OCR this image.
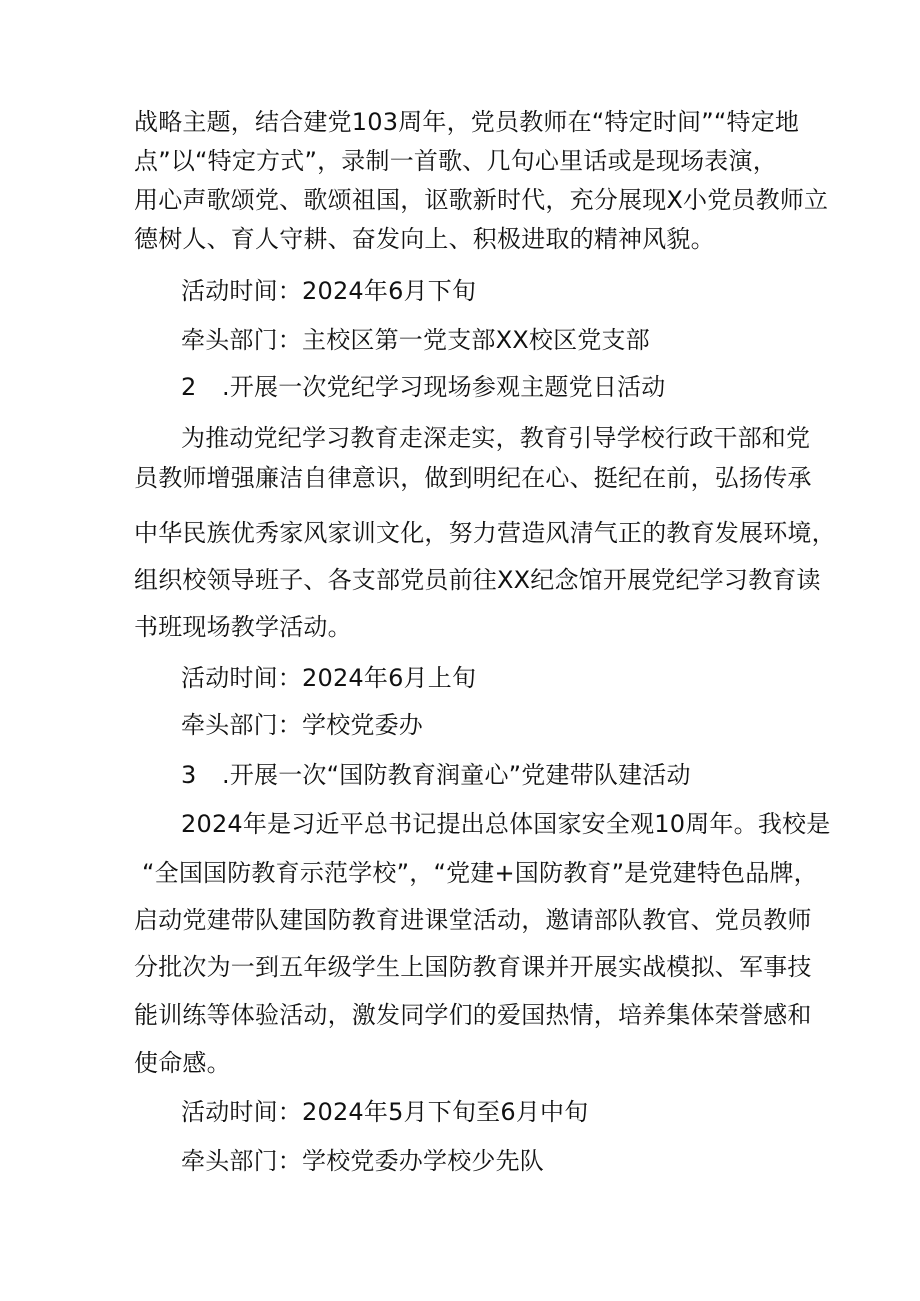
战略主题，结合建党103周年，党员教师在“特定时间”“特定地
点”以“特定方式”，录制一首歌、几句心里话或是现场表演，
用心声歌颂党、歌颂祖国，讴歌新时代，充分展现X小党员教师立
德树人、育人守耕、奋发向上、积极进取的精神风貌。
活动时间：2024年6月下旬
牵头部门：主校区第一党支部XX校区党支部
2 .开展一次党纪学习现场参观主题党日活动
为推动党纪学习教育走深走实，教育引导学校行政干部和党
员教师增强廉洁自律意识，做到明纪在心、挺纪在前，弘扬传承
中华民族优秀家风家训文化，努力营造风清气正的教育发展环境，
组织校领导班子、各支部党员前往XX纪念馆开展党纪学习教育读
书班现场教学活动。
活动时间：2024年6月上旬
牵头部门：学校党委办
3 .开展一次“国防教育润童心”党建带队建活动
2024年是习近平总书记提出总体国家安全观10周年。我校是
“全国国防教育示范学校”，“党建+国防教育”是党建特色品牌，
启动党建带队建国防教育进课堂活动，邀请部队教官、党员教师
分批次为一到五年级学生上国防教育课并开展实战模拟、军事技
能训练等体验活动，激发同学们的爱国热情，培养集体荣誉感和
使命感。
活动时间：2024年5月下旬至6月中旬
牵头部门：学校党委办学校少先队
